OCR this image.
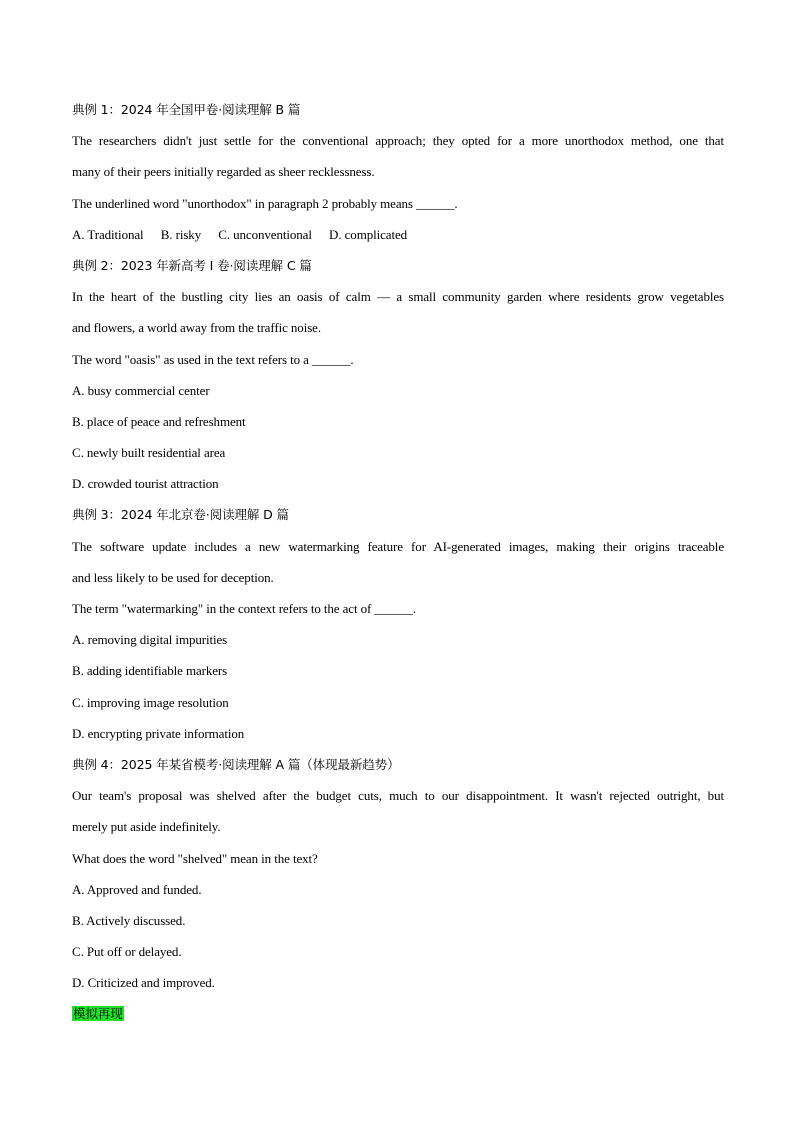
典例 1：2024 年全国甲卷·阅读理解 B 篇
The researchers didn't just settle for the conventional approach; they opted for a more unorthodox method, one that
many of their peers initially regarded as sheer recklessness.
The underlined word "unorthodox" in paragraph 2 probably means ______.
A. Traditional B. risky C. unconventional D. complicated
典例 2：2023 年新高考 I 卷·阅读理解 C 篇
In the heart of the bustling city lies an oasis of calm — a small community garden where residents grow vegetables
and flowers, a world away from the traffic noise.
The word "oasis" as used in the text refers to a ______.
A. busy commercial center
B. place of peace and refreshment
C. newly built residential area
D. crowded tourist attraction
典例 3：2024 年北京卷·阅读理解 D 篇
The software update includes a new watermarking feature for AI-generated images, making their origins traceable
and less likely to be used for deception.
The term "watermarking" in the context refers to the act of ______.
A. removing digital impurities
B. adding identifiable markers
C. improving image resolution
D. encrypting private information
典例 4：2025 年某省模考·阅读理解 A 篇（体现最新趋势）
Our team's proposal was shelved after the budget cuts, much to our disappointment. It wasn't rejected outright, but
merely put aside indefinitely.
What does the word "shelved" mean in the text?
A. Approved and funded.
B. Actively discussed.
C. Put off or delayed.
D. Criticized and improved.
模拟再现
